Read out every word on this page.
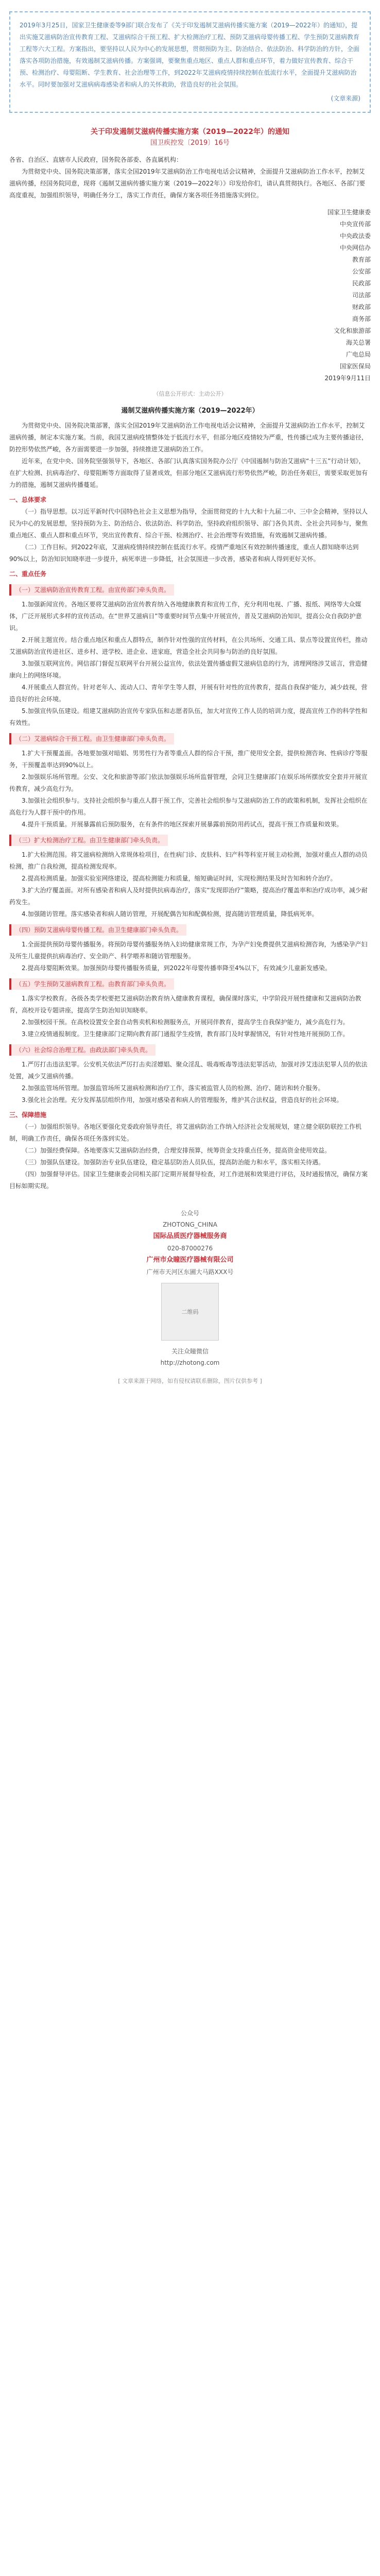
2019年3月25日，国家卫生健康委等9部门联合发布了《关于印发遏制艾滋病传播实施方案（2019—2022年）的通知》，提出实施艾滋病防治宣传教育工程、艾滋病综合干预工程、扩大检测治疗工程、预防艾滋病母婴传播工程、学生预防艾滋病教育工程等六大工程。方案指出，要坚持以人民为中心的发展思想，贯彻预防为主、防治结合、依法防治、科学防治的方针，全面落实各项防治措施，有效遏制艾滋病传播。方案强调，要聚焦重点地区、重点人群和重点环节，着力做好宣传教育、综合干预、检测治疗、母婴阻断、学生教育、社会治理等工作，到2022年艾滋病疫情持续控制在低流行水平，全面提升艾滋病防治水平。同时要加强对艾滋病病毒感染者和病人的关怀救助，营造良好的社会氛围。
(文章来源)
关于印发遏制艾滋病传播实施方案（2019—2022年）的通知
国卫疾控发〔2019〕16号

各省、自治区、直辖市人民政府，国务院各部委、各直属机构：

为贯彻党中央、国务院决策部署，落实全国2019年艾滋病防治工作电视电话会议精神，全面提升艾滋病防治工作水平，控制艾滋病传播，经国务院同意，现将《遏制艾滋病传播实施方案（2019—2022年）》印发给你们，请认真贯彻执行。各地区、各部门要高度重视，加强组织领导，明确任务分工，落实工作责任，确保方案各项任务措施落实到位。

国家卫生健康委

中央宣传部

中央政法委

中央网信办

教育部

公安部

民政部

司法部

财政部

商务部

文化和旅游部

海关总署

广电总局

国家医保局

2019年9月11日

（信息公开形式：主动公开）

遏制艾滋病传播实施方案（2019—2022年）

为贯彻党中央、国务院决策部署，落实全国2019年艾滋病防治工作电视电话会议精神，全面提升艾滋病防治工作水平，控制艾滋病传播，制定本实施方案。当前，我国艾滋病疫情整体处于低流行水平，但部分地区疫情较为严重，性传播已成为主要传播途径，防控形势依然严峻，各方面需要进一步加强，持续推进艾滋病防治工作。

近年来，在党中央、国务院坚强领导下，各地区、各部门认真落实国务院办公厅《中国遏制与防治艾滋病“十三五”行动计划》，在扩大检测、抗病毒治疗、母婴阻断等方面取得了显著成效，但部分地区艾滋病流行形势依然严峻，防治任务艰巨，需要采取更加有力的措施，遏制艾滋病传播蔓延。

一、总体要求

（一）指导思想。以习近平新时代中国特色社会主义思想为指导，全面贯彻党的十九大和十九届二中、三中全会精神，坚持以人民为中心的发展思想，坚持预防为主、防治结合、依法防治、科学防治，坚持政府组织领导、部门各负其责、全社会共同参与，聚焦重点地区、重点人群和重点环节，突出宣传教育、综合干预、检测治疗、社会治理等有效措施，有效遏制艾滋病传播。

（二）工作目标。到2022年底，艾滋病疫情持续控制在低流行水平。疫情严重地区有效控制传播速度，重点人群知晓率达到90%以上，防治知识知晓率进一步提升，病死率进一步降低，社会氛围进一步改善，感染者和病人得到更好关怀。

二、重点任务
（一）艾滋病防治宣传教育工程。由宣传部门牵头负责。

1.加强新闻宣传。各地区要将艾滋病防治宣传教育纳入各地健康教育和宣传工作，充分利用电视、广播、报纸、网络等大众媒体，广泛开展形式多样的宣传活动。在“世界艾滋病日”等重要时间节点集中开展宣传，普及艾滋病防治知识，提高公众自我防护意识。

2.开展主题宣传。结合重点地区和重点人群特点，制作针对性强的宣传材料，在公共场所、交通工具、景点等设置宣传栏，推动艾滋病防治宣传进社区、进乡村、进学校、进企业、进家庭，营造全社会共同参与防治的良好氛围。

3.加强互联网宣传。网信部门督促互联网平台开展公益宣传，依法处置传播虚假艾滋病信息的行为，清理网络涉艾谣言，营造健康向上的网络环境。

4.开展重点人群宣传。针对老年人、流动人口、青年学生等人群，开展有针对性的宣传教育，提高自我保护能力，减少歧视，营造良好的社会环境。

5.加强宣传队伍建设。组建艾滋病防治宣传专家队伍和志愿者队伍，加大对宣传工作人员的培训力度，提高宣传工作的科学性和有效性。

（二）艾滋病综合干预工程。由卫生健康部门牵头负责。

1.扩大干预覆盖面。各地要加强对暗娼、男男性行为者等重点人群的综合干预，推广使用安全套，提供检测咨询、性病诊疗等服务，干预覆盖率达到90%以上。

2.加强娱乐场所管理。公安、文化和旅游等部门依法加强娱乐场所监督管理，会同卫生健康部门在娱乐场所摆放安全套并开展宣传教育，减少高危行为。

3.加强社会组织参与。支持社会组织参与重点人群干预工作，完善社会组织参与艾滋病防治工作的政策和机制，发挥社会组织在高危行为人群干预中的作用。

4.提升干预质量。开展暴露前后预防服务，在有条件的地区探索开展暴露前预防用药试点，提高干预工作质量和效果。

（三）扩大检测治疗工程。由卫生健康部门牵头负责。

1.扩大检测范围。将艾滋病检测纳入常规体检项目，在性病门诊、皮肤科、妇产科等科室开展主动检测，加强对重点人群的动员检测，推广自我检测，提高检测发现率。

2.提高检测质量。加强实验室网络建设，提高检测能力和质量，缩短确证时间，实现检测结果及时告知和转介治疗。

3.扩大治疗覆盖面。对所有感染者和病人及时提供抗病毒治疗，落实“发现即治疗”策略，提高治疗覆盖率和治疗成功率，减少耐药发生。

4.加强随访管理。落实感染者和病人随访管理，开展配偶告知和配偶检测，提高随访管理质量，降低病死率。

（四）预防艾滋病母婴传播工程。由卫生健康部门牵头负责。

1.全面提供预防母婴传播服务。将预防母婴传播服务纳入妇幼健康常规工作，为孕产妇免费提供艾滋病检测咨询，为感染孕产妇及所生儿童提供抗病毒治疗、安全助产、科学喂养和随访管理服务。

2.提高母婴阻断效果。加强预防母婴传播服务质量，到2022年母婴传播率降至4%以下，有效减少儿童新发感染。

（五）学生预防艾滋病教育工程。由教育部门牵头负责。

1.落实学校教育。各级各类学校要把艾滋病防治教育纳入健康教育课程，确保课时落实，中学阶段开展性健康和艾滋病防治教育，高校开设专题讲座，提高学生防治知识知晓率。

2.加强校园干预。在高校设置安全套自动售卖机和检测服务点，开展同伴教育，提高学生自我保护能力，减少高危行为。

3.建立疫情通报制度。卫生健康部门定期向教育部门通报学生疫情，教育部门及时掌握情况，有针对性地开展预防工作。

（六）社会综合治理工程。由政法部门牵头负责。

1.严厉打击违法犯罪。公安机关依法严厉打击卖淫嫖娼、聚众淫乱、吸毒贩毒等违法犯罪活动，加强对涉艾违法犯罪人员的依法处置，减少艾滋病传播。

2.加强监管场所管理。加强监管场所艾滋病检测和治疗工作，落实被监管人员的检测、治疗、随访和转介服务。

3.强化社会治理。充分发挥基层组织作用，加强对感染者和病人的管理服务，维护其合法权益，营造良好的社会环境。

三、保障措施

（一）加强组织领导。各地区要强化党委政府领导责任，将艾滋病防治工作纳入经济社会发展规划，建立健全联防联控工作机制，明确工作责任，确保各项任务落到实处。

（二）加强经费保障。各地要落实艾滋病防治经费，合理安排预算，统筹资金支持重点任务，提高资金使用效益。

（三）加强队伍建设。加强防治专业队伍建设，稳定基层防治人员队伍，提高防治能力和水平，落实相关待遇。

（四）加强督导评估。国家卫生健康委会同相关部门定期开展督导检查，对工作进展和效果进行评估，及时通报情况，确保方案目标如期实现。

公众号
ZHOTONG_CHINA
国际品质医疗器械服务商
020-87000276
广州市众瞳医疗器械有限公司
广州市天河区东圃大马路XXX号
二维码
关注众瞳微信
http://zhotong.com
[ 文章来源于网络，如有侵权请联系删除，图片仅供参考 ]
